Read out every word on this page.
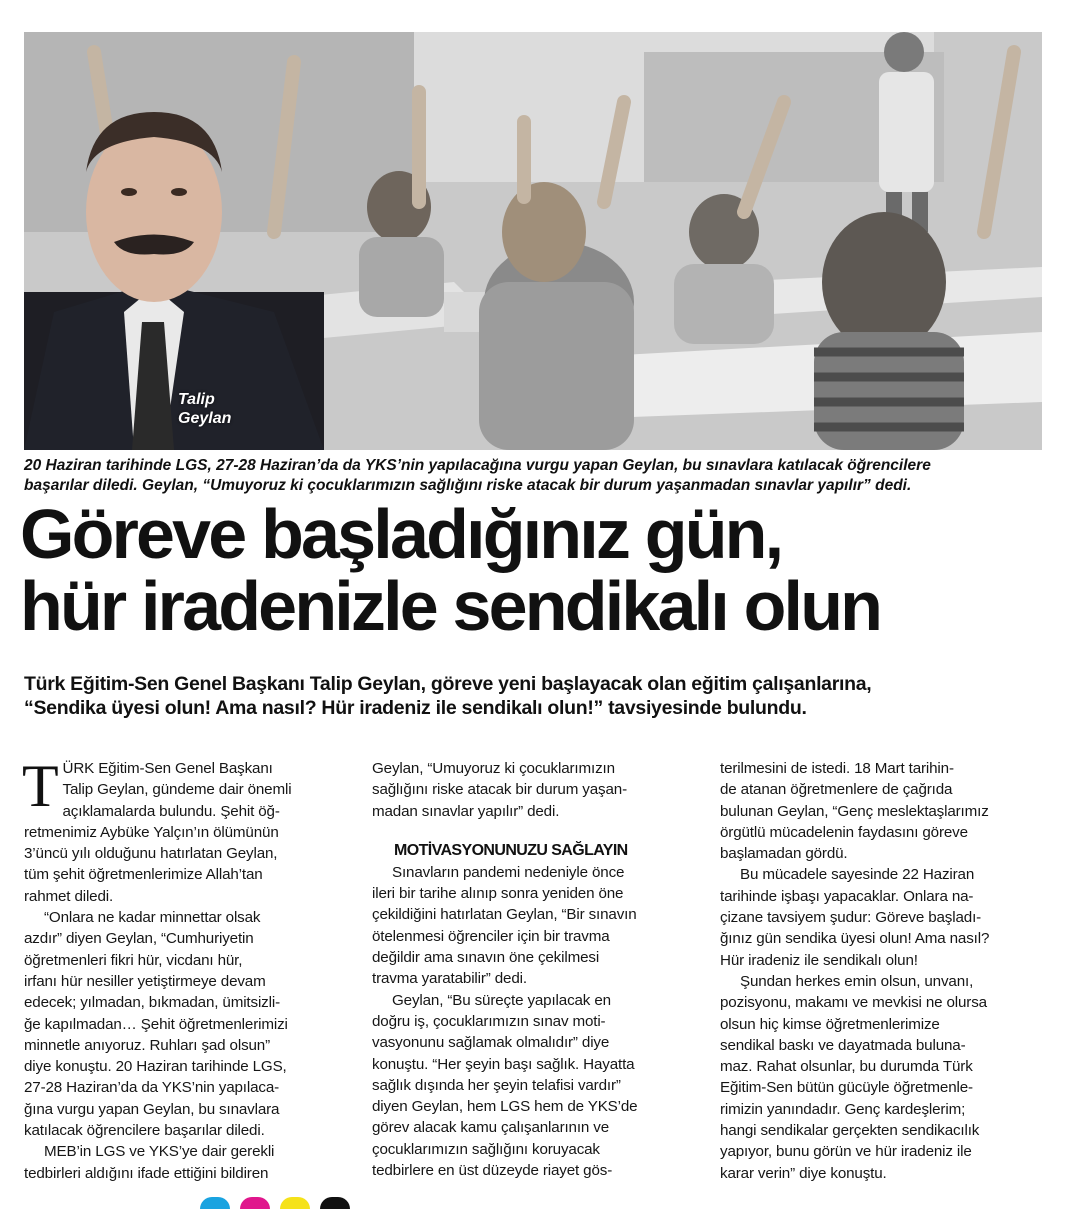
Talip
Geylan
20 Haziran tarihinde LGS, 27-28 Haziran’da da YKS’nin yapılacağına vurgu yapan Geylan, bu sınavlara katılacak öğrencilere
başarılar diledi. Geylan, “Umuyoruz ki çocuklarımızın sağlığını riske atacak bir durum yaşanmadan sınavlar yapılır” dedi.
Göreve başladığınız gün,
hür iradenizle sendikalı olun
Türk Eğitim-Sen Genel Başkanı Talip Geylan, göreve yeni başlayacak olan eğitim çalışanlarına,
“Sendika üyesi olun! Ama nasıl? Hür iradeniz ile sendikalı olun!” tavsiyesinde bulundu.
T ÜRK Eğitim-Sen Genel Başkanı

Talip Geylan, gündeme dair önemli

açıklamalarda bulundu. Şehit öğ-

retmenimiz Aybüke Yalçın’ın ölümünün

3’üncü yılı olduğunu hatırlatan Geylan,

tüm şehit öğretmenlerimize Allah’tan

rahmet diledi.

“Onlara ne kadar minnettar olsak

azdır” diyen Geylan, “Cumhuriyetin

öğretmenleri fikri hür, vicdanı hür,

irfanı hür nesiller yetiştirmeye devam

edecek; yılmadan, bıkmadan, ümitsizli-

ğe kapılmadan… Şehit öğretmenlerimizi

minnetle anıyoruz. Ruhları şad olsun”

diye konuştu. 20 Haziran tarihinde LGS,

27-28 Haziran’da da YKS’nin yapılaca-

ğına vurgu yapan Geylan, bu sınavlara

katılacak öğrencilere başarılar diledi.

MEB’in LGS ve YKS’ye dair gerekli

tedbirleri aldığını ifade ettiğini bildiren

Geylan, “Umuyoruz ki çocuklarımızın

sağlığını riske atacak bir durum yaşan-

madan sınavlar yapılır” dedi.

MOTİVASYONUNUZU SAĞLAYIN

Sınavların pandemi nedeniyle önce

ileri bir tarihe alınıp sonra yeniden öne

çekildiğini hatırlatan Geylan, “Bir sınavın

ötelenmesi öğrenciler için bir travma

değildir ama sınavın öne çekilmesi

travma yaratabilir” dedi.

Geylan, “Bu süreçte yapılacak en

doğru iş, çocuklarımızın sınav moti-

vasyonunu sağlamak olmalıdır” diye

konuştu. “Her şeyin başı sağlık. Hayatta

sağlık dışında her şeyin telafisi vardır”

diyen Geylan, hem LGS hem de YKS’de

görev alacak kamu çalışanlarının ve

çocuklarımızın sağlığını koruyacak

tedbirlere en üst düzeyde riayet gös-

terilmesini de istedi. 18 Mart tarihin-

de atanan öğretmenlere de çağrıda

bulunan Geylan, “Genç meslektaşlarımız

örgütlü mücadelenin faydasını göreve

başlamadan gördü.

Bu mücadele sayesinde 22 Haziran

tarihinde işbaşı yapacaklar. Onlara na-

çizane tavsiyem şudur: Göreve başladı-

ğınız gün sendika üyesi olun! Ama nasıl?

Hür iradeniz ile sendikalı olun!

Şundan herkes emin olsun, unvanı,

pozisyonu, makamı ve mevkisi ne olursa

olsun hiç kimse öğretmenlerimize

sendikal baskı ve dayatmada buluna-

maz. Rahat olsunlar, bu durumda Türk

Eğitim-Sen bütün gücüyle öğretmenle-

rimizin yanındadır. Genç kardeşlerim;

hangi sendikalar gerçekten sendikacılık

yapıyor, bunu görün ve hür iradeniz ile

karar verin” diye konuştu.
